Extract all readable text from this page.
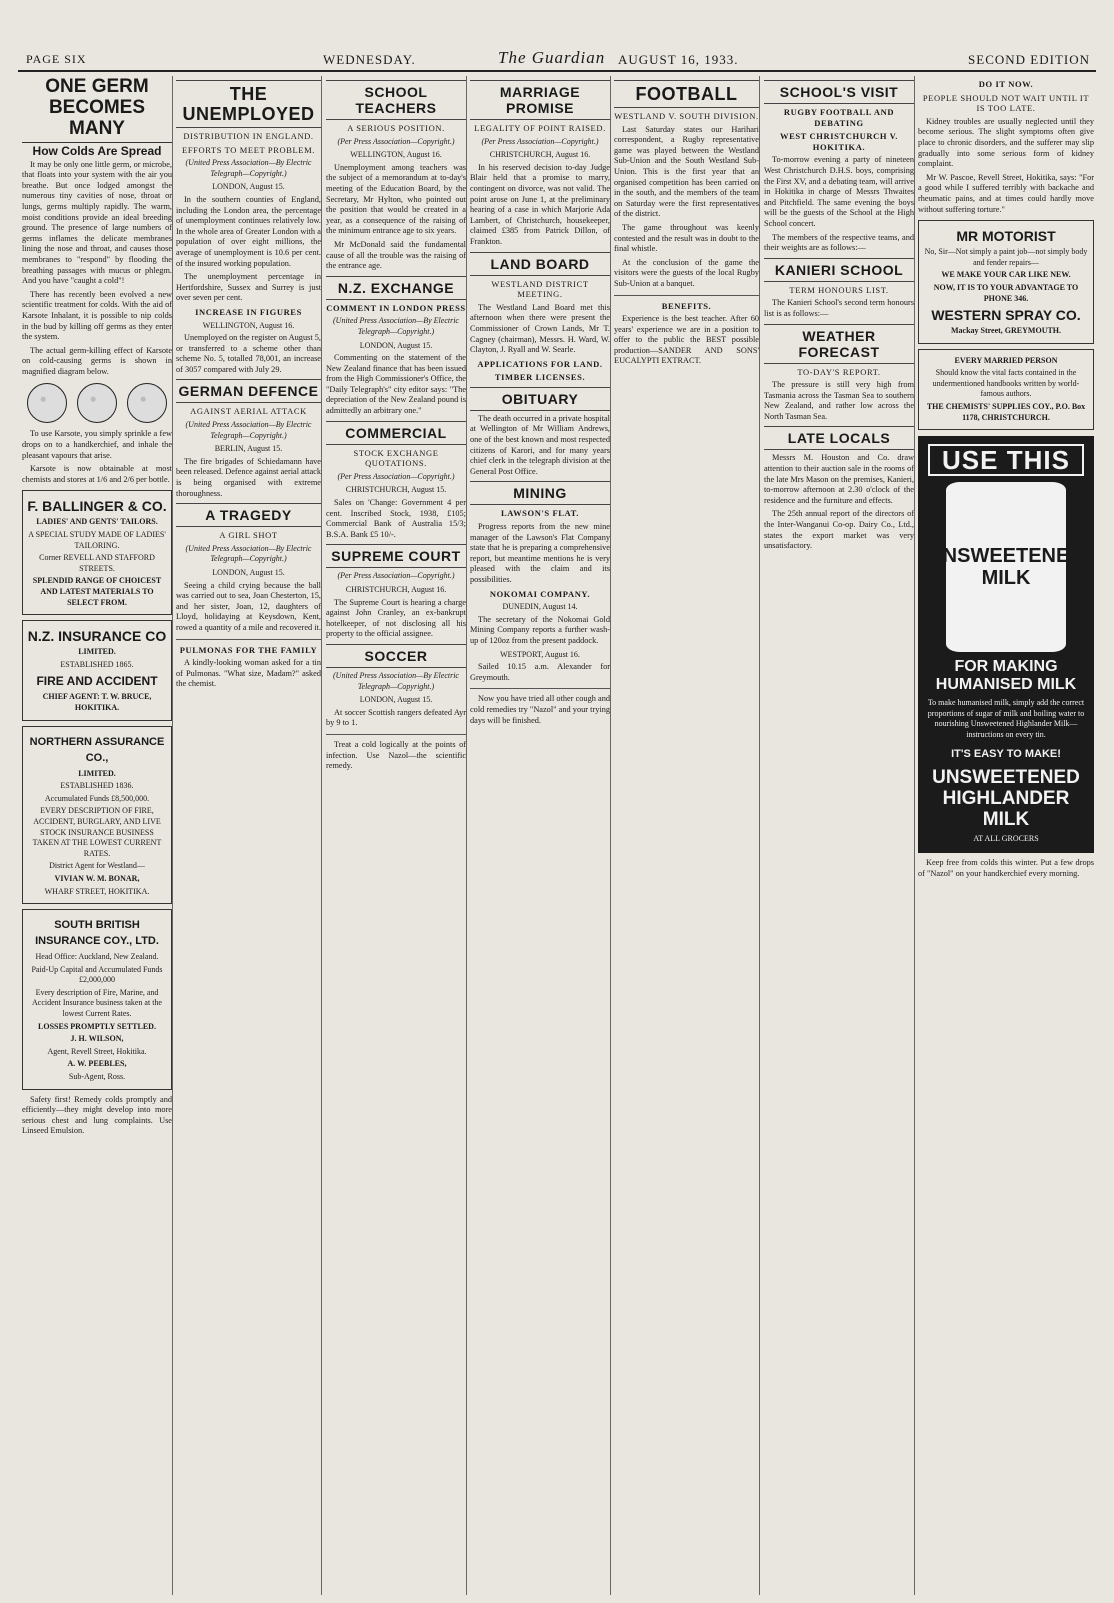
PAGE SIX	WEDNESDAY.	The Guardian AUGUST 16, 1933.	SECOND EDITION
ONE GERM BECOMES MANY
How Colds Are Spread

It may be only one little germ, or microbe, that floats into your system with the air you breathe. But once lodged amongst the numerous tiny cavities of nose, throat or lungs, germs multiply rapidly. The warm, moist conditions provide an ideal breeding ground. The presence of large numbers of germs inflames the delicate membranes lining the nose and throat, and causes those membranes to "respond" by flooding the breathing passages with mucus or phlegm. And you have "caught a cold"!

There has recently been evolved a new scientific treatment for colds. With the aid of Karsote Inhalant, it is possible to nip colds in the bud by killing off germs as they enter the system.

The actual germ-killing effect of Karsote on cold-causing germs is shown in magnified diagram below.

To use Karsote, you simply sprinkle a few drops on to a handkerchief, and inhale the pleasant vapours that arise.

Karsote is now obtainable at most chemists and stores at 1/6 and 2/6 per bottle.

F. BALLINGER & CO.
LADIES' AND GENTS' TAILORS.
A SPECIAL STUDY MADE OF LADIES' TAILORING.
Corner REVELL AND STAFFORD STREETS.
SPLENDID RANGE OF CHOICEST AND LATEST MATERIALS TO SELECT FROM.
N.Z. INSURANCE CO
LIMITED.
ESTABLISHED 1865.
FIRE AND ACCIDENT
CHIEF AGENT: T. W. BRUCE, HOKITIKA.
NORTHERN ASSURANCE CO.,
LIMITED.
ESTABLISHED 1836.
Accumulated Funds £8,500,000.
EVERY DESCRIPTION OF FIRE, ACCIDENT, BURGLARY, AND LIVE STOCK INSURANCE BUSINESS TAKEN AT THE LOWEST CURRENT RATES.
District Agent for Westland—
VIVIAN W. M. BONAR,
WHARF STREET, HOKITIKA.
SOUTH BRITISH INSURANCE COY., LTD.
Head Office: Auckland, New Zealand.
Paid-Up Capital and Accumulated Funds £2,000,000
Every description of Fire, Marine, and Accident Insurance business taken at the lowest Current Rates.
LOSSES PROMPTLY SETTLED.
J. H. WILSON,
Agent, Revell Street, Hokitika.
A. W. PEEBLES,
Sub-Agent, Ross.

Safety first! Remedy colds promptly and efficiently—they might develop into more serious chest and lung complaints. Use Linseed Emulsion.

THE UNEMPLOYED
DISTRIBUTION IN ENGLAND.
EFFORTS TO MEET PROBLEM.
(United Press Association—By Electric Telegraph—Copyright.)
LONDON, August 15.

In the southern counties of England, including the London area, the percentage of unemployment continues relatively low. In the whole area of Greater London with a population of over eight millions, the average of unemployment is 10.6 per cent. of the insured working population.

The unemployment percentage in Hertfordshire, Sussex and Surrey is just over seven per cent.

INCREASE IN FIGURES
WELLINGTON, August 16.

Unemployed on the register on August 5, or transferred to a scheme other than scheme No. 5, totalled 78,001, an increase of 3057 compared with July 29.

GERMAN DEFENCE
AGAINST AERIAL ATTACK
(United Press Association—By Electric Telegraph—Copyright.)
BERLIN, August 15.

The fire brigades of Schiedamann have been released. Defence against aerial attack is being organised with extreme thoroughness.

A TRAGEDY
A GIRL SHOT
(United Press Association—By Electric Telegraph—Copyright.)
LONDON, August 15.

Seeing a child crying because the ball was carried out to sea, Joan Chesterton, 15, and her sister, Joan, 12, daughters of Lloyd, holidaying at Keysdown, Kent, rowed a quantity of a mile and recovered it.

PULMONAS FOR THE FAMILY

A kindly-looking woman asked for a tin of Pulmonas. "What size, Madam?" asked the chemist.

SCHOOL TEACHERS
A SERIOUS POSITION.
(Per Press Association—Copyright.)
WELLINGTON, August 16.

Unemployment among teachers was the subject of a memorandum at to-day's meeting of the Education Board, by the Secretary, Mr Hylton, who pointed out the position that would be created in a year, as a consequence of the raising of the minimum entrance age to six years.

Mr McDonald said the fundamental cause of all the trouble was the raising of the entrance age.

N.Z. EXCHANGE
COMMENT IN LONDON PRESS
(United Press Association—By Electric Telegraph—Copyright.)
LONDON, August 15.

Commenting on the statement of the New Zealand finance that has been issued from the High Commissioner's Office, the "Daily Telegraph's" city editor says: "The depreciation of the New Zealand pound is admittedly an arbitrary one."

COMMERCIAL
STOCK EXCHANGE QUOTATIONS.
(Per Press Association—Copyright.)
CHRISTCHURCH, August 15.

Sales on 'Change: Government 4 per cent. Inscribed Stock, 1938, £105; Commercial Bank of Australia 15/3; B.S.A. Bank £5 10/-.

SUPREME COURT
(Per Press Association—Copyright.)
CHRISTCHURCH, August 16.

The Supreme Court is hearing a charge against John Cranley, an ex-bankrupt hotelkeeper, of not disclosing all his property to the official assignee.

SOCCER
(United Press Association—By Electric Telegraph—Copyright.)
LONDON, August 15.

At soccer Scottish rangers defeated Ayr by 9 to 1.

Treat a cold logically at the points of infection. Use Nazol—the scientific remedy.

MARRIAGE PROMISE
LEGALITY OF POINT RAISED.
(Per Press Association—Copyright.)
CHRISTCHURCH, August 16.

In his reserved decision to-day Judge Blair held that a promise to marry, contingent on divorce, was not valid. The point arose on June 1, at the preliminary hearing of a case in which Marjorie Ada Lambert, of Christchurch, housekeeper, claimed £385 from Patrick Dillon, of Frankton.

LAND BOARD
WESTLAND DISTRICT MEETING.

The Westland Land Board met this afternoon when there were present the Commissioner of Crown Lands, Mr T. Cagney (chairman), Messrs. H. Ward, W. Clayton, J. Ryall and W. Searle.

APPLICATIONS FOR LAND.
TIMBER LICENSES.
OBITUARY

The death occurred in a private hospital at Wellington of Mr William Andrews, one of the best known and most respected citizens of Karori, and for many years chief clerk in the telegraph division at the General Post Office.

MINING
LAWSON'S FLAT.

Progress reports from the new mine manager of the Lawson's Flat Company state that he is preparing a comprehensive report, but meantime mentions he is very pleased with the claim and its possibilities.

NOKOMAI COMPANY.
DUNEDIN, August 14.

The secretary of the Nokomai Gold Mining Company reports a further wash-up of 120oz from the present paddock.

WESTPORT, August 16.

Sailed 10.15 a.m. Alexander for Greymouth.

Now you have tried all other cough and cold remedies try "Nazol" and your trying days will be finished.

FOOTBALL
WESTLAND V. SOUTH DIVISION.

Last Saturday states our Harihari correspondent, a Rugby representative game was played between the Westland Sub-Union and the South Westland Sub-Union. This is the first year that an organised competition has been carried on in the south, and the members of the team on Saturday were the first representatives of the district.

The game throughout was keenly contested and the result was in doubt to the final whistle.

At the conclusion of the game the visitors were the guests of the local Rugby Sub-Union at a banquet.

BENEFITS.

Experience is the best teacher. After 60 years' experience we are in a position to offer to the public the BEST possible production—SANDER AND SONS' EUCALYPTI EXTRACT.

SCHOOL'S VISIT
RUGBY FOOTBALL AND DEBATING
WEST CHRISTCHURCH V. HOKITIKA.

To-morrow evening a party of nineteen West Christchurch D.H.S. boys, comprising the First XV, and a debating team, will arrive in Hokitika in charge of Messrs Thwaites and Pitchfield. The same evening the boys will be the guests of the School at the High School concert.

The members of the respective teams, and their weights are as follows:—

KANIERI SCHOOL
TERM HONOURS LIST.

The Kanieri School's second term honours list is as follows:—

WEATHER FORECAST
TO-DAY'S REPORT.

The pressure is still very high from Tasmania across the Tasman Sea to southern New Zealand, and rather low across the North Tasman Sea.

LATE LOCALS

Messrs M. Houston and Co. draw attention to their auction sale in the rooms of the late Mrs Mason on the premises, Kanieri, to-morrow afternoon at 2.30 o'clock of the residence and the furniture and effects.

The 25th annual report of the directors of the Inter-Wanganui Co-op. Dairy Co., Ltd., states the export market was very unsatisfactory.

DO IT NOW.
PEOPLE SHOULD NOT WAIT UNTIL IT IS TOO LATE.

Kidney troubles are usually neglected until they become serious. The slight symptoms often give place to chronic disorders, and the sufferer may slip gradually into some serious form of kidney complaint.

Mr W. Pascoe, Revell Street, Hokitika, says: "For a good while I suffered terribly with backache and rheumatic pains, and at times could hardly move without suffering torture."

MR MOTORIST
No, Sir—Not simply a paint job—not simply body and fender repairs—
WE MAKE YOUR CAR LIKE NEW.
NOW, IT IS TO YOUR ADVANTAGE TO PHONE 346.
WESTERN SPRAY CO.
Mackay Street, GREYMOUTH.
EVERY MARRIED PERSON
Should know the vital facts contained in the undermentioned handbooks written by world-famous authors.
THE CHEMISTS' SUPPLIES COY., P.O. Box 1178, CHRISTCHURCH.
USE THIS
UNSWEETENED MILK
FOR MAKING HUMANISED MILK
To make humanised milk, simply add the correct proportions of sugar of milk and boiling water to nourishing Unsweetened Highlander Milk—instructions on every tin.
IT'S EASY TO MAKE!
UNSWEETENED HIGHLANDER MILK
AT ALL GROCERS

Keep free from colds this winter. Put a few drops of "Nazol" on your handkerchief every morning.
